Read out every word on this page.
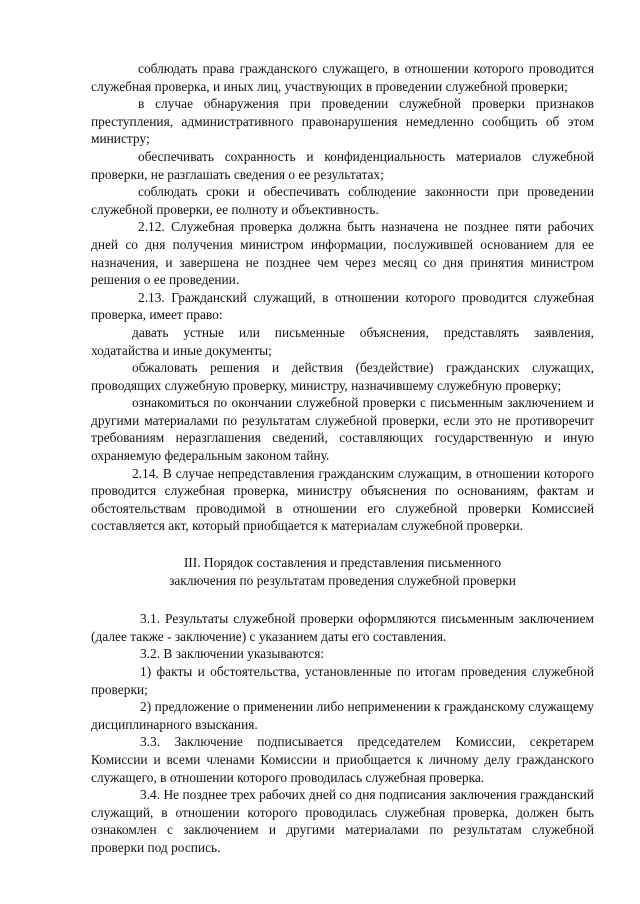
соблюдать права гражданского служащего, в отношении которого проводится служебная проверка, и иных лиц, участвующих в проведении служебной проверки;

в случае обнаружения при проведении служебной проверки признаков преступления, административного правонарушения немедленно сообщить об этом министру;

обеспечивать сохранность и конфиденциальность материалов служебной проверки, не разглашать сведения о ее результатах;

соблюдать сроки и обеспечивать соблюдение законности при проведении служебной проверки, ее полноту и объективность.

2.12. Служебная проверка должна быть назначена не позднее пяти рабочих дней со дня получения министром информации, послужившей основанием для ее назначения, и завершена не позднее чем через месяц со дня принятия министром решения о ее проведении.

2.13. Гражданский служащий, в отношении которого проводится служебная проверка, имеет право:

давать устные или письменные объяснения, представлять заявления, ходатайства и иные документы;

обжаловать решения и действия (бездействие) гражданских служащих, проводящих служебную проверку, министру, назначившему служебную проверку;

ознакомиться по окончании служебной проверки с письменным заключением и другими материалами по результатам служебной проверки, если это не противоречит требованиям неразглашения сведений, составляющих государственную и иную охраняемую федеральным законом тайну.

2.14. В случае непредставления гражданским служащим, в отношении которого проводится служебная проверка, министру объяснения по основаниям, фактам и обстоятельствам проводимой в отношении его служебной проверки Комиссией составляется акт, который приобщается к материалам служебной проверки.

III. Порядок составления и представления письменного
заключения по результатам проведения служебной проверки

3.1. Результаты служебной проверки оформляются письменным заключением (далее также - заключение) с указанием даты его составления.

3.2. В заключении указываются:

1) факты и обстоятельства, установленные по итогам проведения служебной проверки;

2) предложение о применении либо неприменении к гражданскому служащему дисциплинарного взыскания.

3.3. Заключение подписывается председателем Комиссии, секретарем Комиссии и всеми членами Комиссии и приобщается к личному делу гражданского служащего, в отношении которого проводилась служебная проверка.

3.4. Не позднее трех рабочих дней со дня подписания заключения гражданский служащий, в отношении которого проводилась служебная проверка, должен быть ознакомлен с заключением и другими материалами по результатам служебной проверки под роспись.
